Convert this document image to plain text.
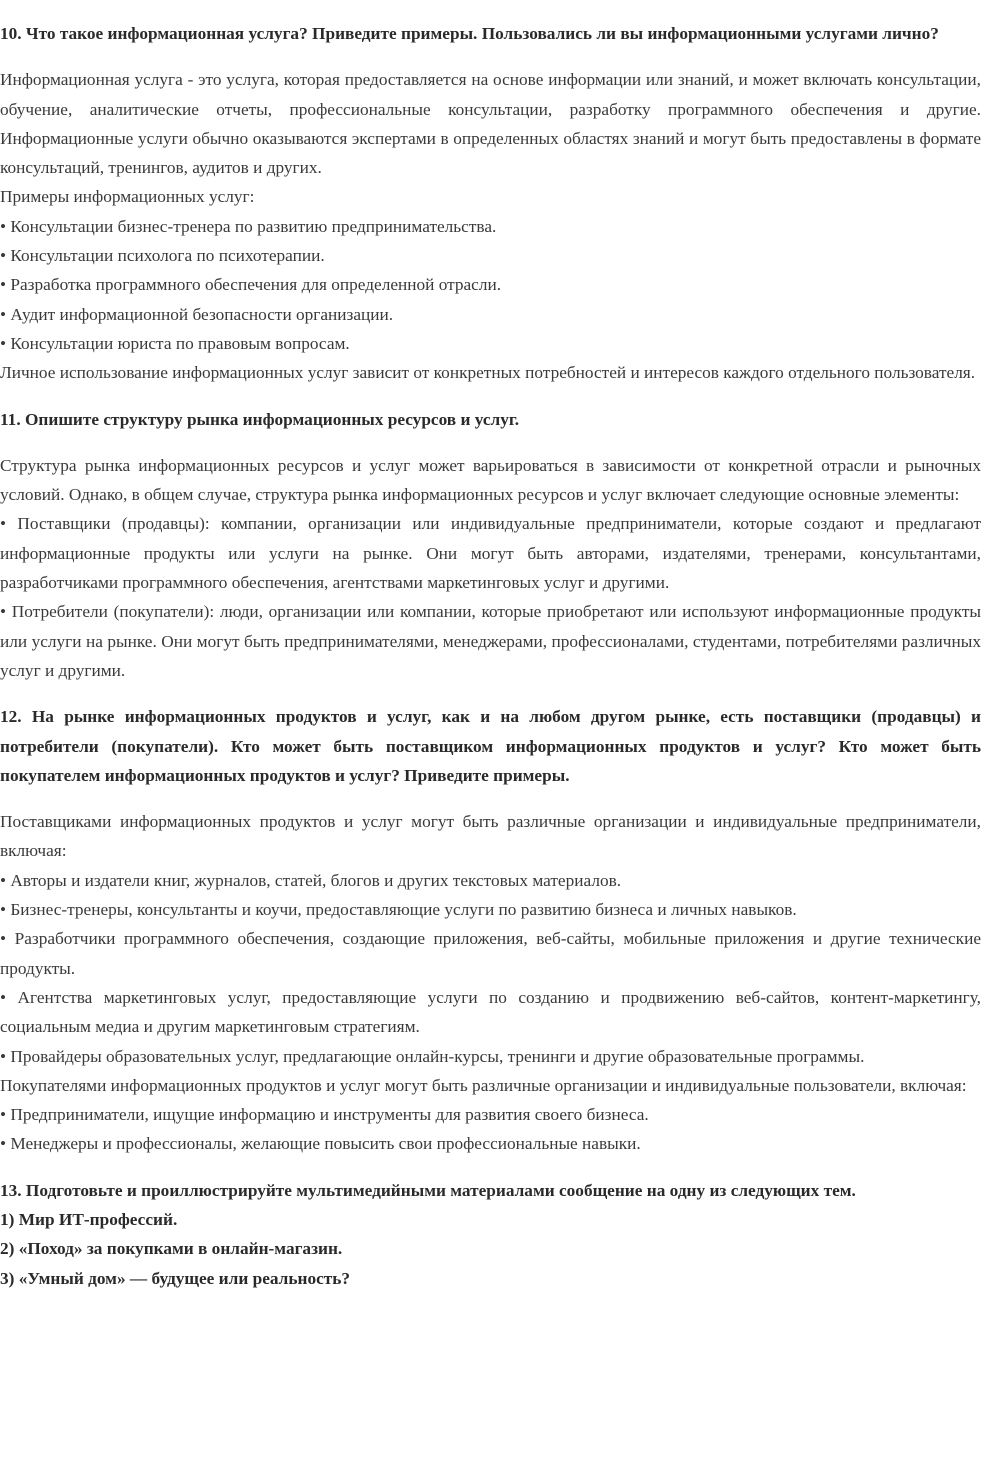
10. Что такое информационная услуга? Приведите примеры. Пользовались ли вы информационными услугами лично?

Информационная услуга - это услуга, которая предоставляется на основе информации или знаний, и может включать консультации, обучение, аналитические отчеты, профессиональные консультации, разработку программного обеспечения и другие. Информационные услуги обычно оказываются экспертами в определенных областях знаний и могут быть предоставлены в формате консультаций, тренингов, аудитов и других.

Примеры информационных услуг:

• Консультации бизнес-тренера по развитию предпринимательства.

• Консультации психолога по психотерапии.

• Разработка программного обеспечения для определенной отрасли.

• Аудит информационной безопасности организации.

• Консультации юриста по правовым вопросам.

Личное использование информационных услуг зависит от конкретных потребностей и интересов каждого отдельного пользователя.

11. Опишите структуру рынка информационных ресурсов и услуг.

Структура рынка информационных ресурсов и услуг может варьироваться в зависимости от конкретной отрасли и рыночных условий. Однако, в общем случае, структура рынка информационных ресурсов и услуг включает следующие основные элементы:

• Поставщики (продавцы): компании, организации или индивидуальные предприниматели, которые создают и предлагают информационные продукты или услуги на рынке. Они могут быть авторами, издателями, тренерами, консультантами, разработчиками программного обеспечения, агентствами маркетинговых услуг и другими.

• Потребители (покупатели): люди, организации или компании, которые приобретают или используют информационные продукты или услуги на рынке. Они могут быть предпринимателями, менеджерами, профессионалами, студентами, потребителями различных услуг и другими.

12. На рынке информационных продуктов и услуг, как и на любом другом рынке, есть поставщики (продавцы) и потребители (покупатели). Кто может быть поставщиком информационных продуктов и услуг? Кто может быть покупателем информационных продуктов и услуг? Приведите примеры.

Поставщиками информационных продуктов и услуг могут быть различные организации и индивидуальные предприниматели, включая:

• Авторы и издатели книг, журналов, статей, блогов и других текстовых материалов.

• Бизнес-тренеры, консультанты и коучи, предоставляющие услуги по развитию бизнеса и личных навыков.

• Разработчики программного обеспечения, создающие приложения, веб-сайты, мобильные приложения и другие технические продукты.

• Агентства маркетинговых услуг, предоставляющие услуги по созданию и продвижению веб-сайтов, контент-маркетингу, социальным медиа и другим маркетинговым стратегиям.

• Провайдеры образовательных услуг, предлагающие онлайн-курсы, тренинги и другие образовательные программы.

Покупателями информационных продуктов и услуг могут быть различные организации и индивидуальные пользователи, включая:

• Предприниматели, ищущие информацию и инструменты для развития своего бизнеса.

• Менеджеры и профессионалы, желающие повысить свои профессиональные навыки.

13. Подготовьте и проиллюстрируйте мультимедийными материалами сообщение на одну из следующих тем.

1) Мир ИТ-профессий.

2) «Поход» за покупками в онлайн-магазин.

3) «Умный дом» — будущее или реальность?
